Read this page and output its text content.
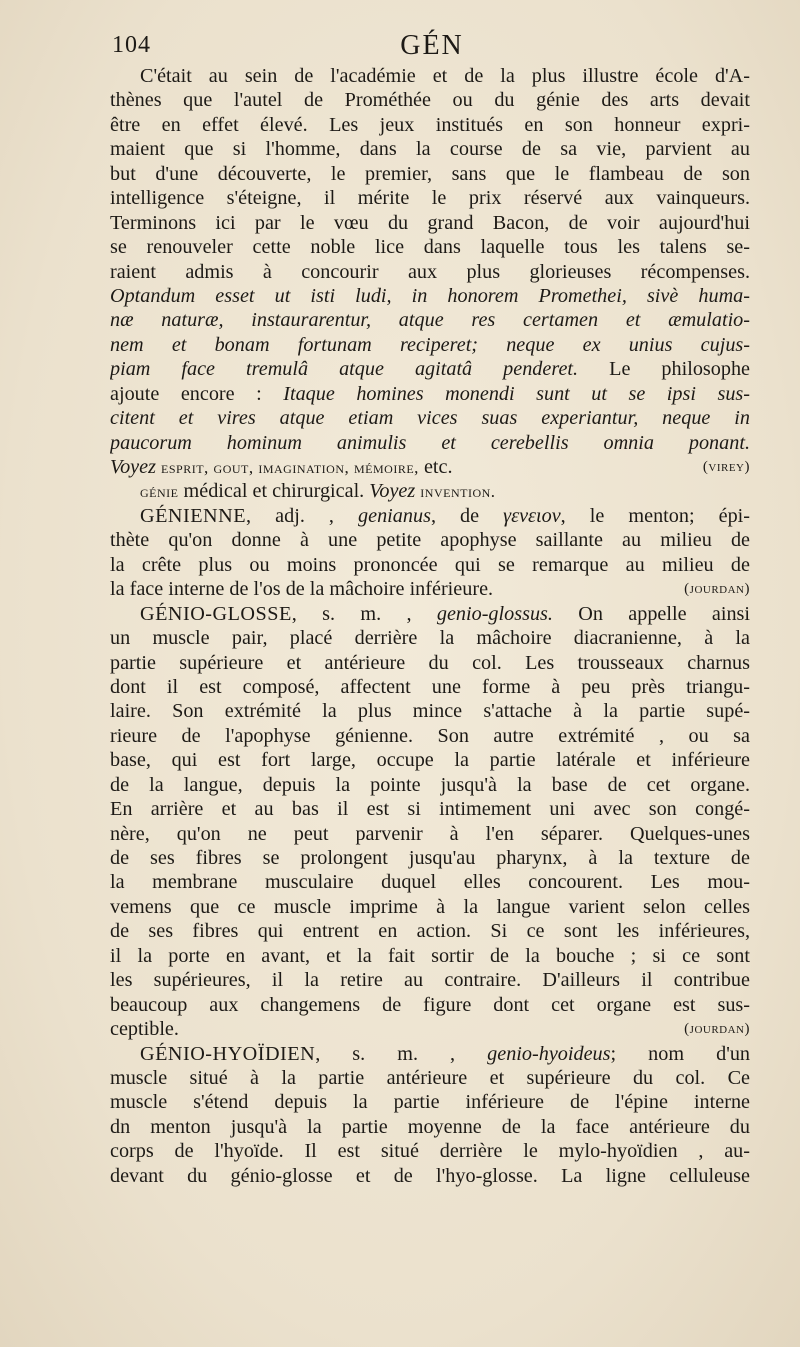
104	GÉN
C'était au sein de l'académie et de la plus illustre école d'A-
thènes que l'autel de Prométhée ou du génie des arts devait
être en effet élevé. Les jeux institués en son honneur expri-
maient que si l'homme, dans la course de sa vie, parvient au
but d'une découverte, le premier, sans que le flambeau de son
intelligence s'éteigne, il mérite le prix réservé aux vainqueurs.
Terminons ici par le vœu du grand Bacon, de voir aujourd'hui
se renouveler cette noble lice dans laquelle tous les talens se-
raient admis à concourir aux plus glorieuses récompenses.
Optandum esset ut isti ludi, in honorem Promethei, sivè huma-
næ naturæ, instaurarentur, atque res certamen et æmulatio-
nem et bonam fortunam reciperet; neque ex unius cujus-
piam face tremulâ atque agitatâ penderet. Le philosophe
ajoute encore : Itaque homines monendi sunt ut se ipsi sus-
citent et vires atque etiam vices suas experiantur, neque in
paucorum hominum animulis et cerebellis omnia ponant.
Voyez esprit, gout, imagination, mémoire, etc.	(virey)
génie médical et chirurgical. Voyez invention.
GÉNIENNE, adj. , genianus, de γενειον, le menton; épi-
thète qu'on donne à une petite apophyse saillante au milieu de
la crête plus ou moins prononcée qui se remarque au milieu de
la face interne de l'os de la mâchoire inférieure.	(jourdan)
GÉNIO-GLOSSE, s. m. , genio-glossus. On appelle ainsi
un muscle pair, placé derrière la mâchoire diacranienne, à la
partie supérieure et antérieure du col. Les trousseaux charnus
dont il est composé, affectent une forme à peu près triangu-
laire. Son extrémité la plus mince s'attache à la partie supé-
rieure de l'apophyse génienne. Son autre extrémité , ou sa
base, qui est fort large, occupe la partie latérale et inférieure
de la langue, depuis la pointe jusqu'à la base de cet organe.
En arrière et au bas il est si intimement uni avec son congé-
nère, qu'on ne peut parvenir à l'en séparer. Quelques-unes
de ses fibres se prolongent jusqu'au pharynx, à la texture de
la membrane musculaire duquel elles concourent. Les mou-
vemens que ce muscle imprime à la langue varient selon celles
de ses fibres qui entrent en action. Si ce sont les inférieures,
il la porte en avant, et la fait sortir de la bouche ; si ce sont
les supérieures, il la retire au contraire. D'ailleurs il contribue
beaucoup aux changemens de figure dont cet organe est sus-
ceptible.	(jourdan)
GÉNIO-HYOÏDIEN, s. m. , genio-hyoideus; nom d'un
muscle situé à la partie antérieure et supérieure du col. Ce
muscle s'étend depuis la partie inférieure de l'épine interne
dn menton jusqu'à la partie moyenne de la face antérieure du
corps de l'hyoïde. Il est situé derrière le mylo-hyoïdien , au-
devant du génio-glosse et de l'hyo-glosse. La ligne celluleuse
